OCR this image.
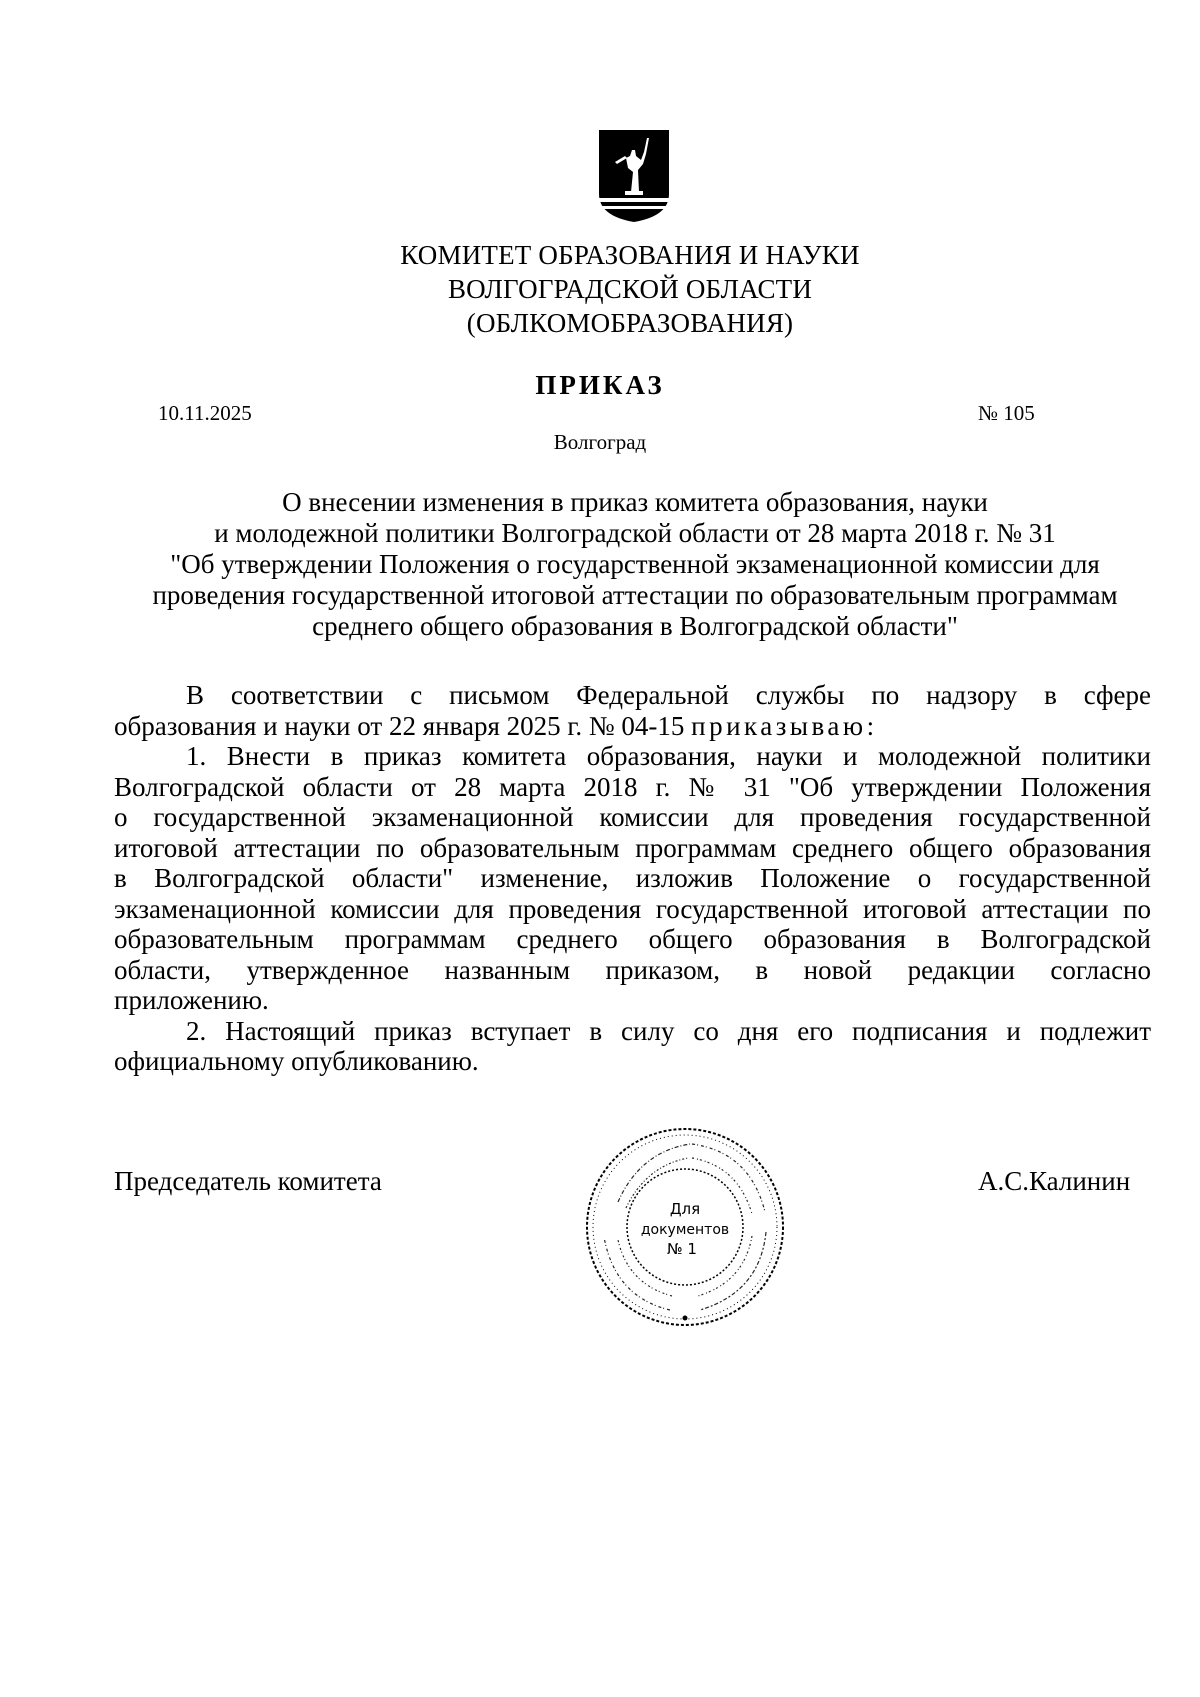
КОМИТЕТ ОБРАЗОВАНИЯ И НАУКИ
ВОЛГОГРАДСКОЙ ОБЛАСТИ
(ОБЛКОМОБРАЗОВАНИЯ)
ПРИКАЗ
10.11.2025	№ 105
Волгоград
О внесении изменения в приказ комитета образования, науки
и молодежной политики Волгоградской области от 28 марта 2018 г. № 31
"Об утверждении Положения о государственной экзаменационной комиссии для
проведения государственной итоговой аттестации по образовательным программам
среднего общего образования в Волгоградской области"
В соответствии с письмом Федеральной службы по надзору в сфере
образования и науки от 22 января 2025 г. № 04-15 приказываю:
1. Внести в приказ комитета образования, науки и молодежной политики
Волгоградской области от 28 марта 2018 г. № 31 "Об утверждении Положения
о государственной экзаменационной комиссии для проведения государственной
итоговой аттестации по образовательным программам среднего общего образования
в Волгоградской области" изменение, изложив Положение о государственной
экзаменационной комиссии для проведения государственной итоговой аттестации по
образовательным программам среднего общего образования в Волгоградской
области, утвержденное названным приказом, в новой редакции согласно
приложению.
2. Настоящий приказ вступает в силу со дня его подписания и подлежит
официальному опубликованию.
Председатель комитета	А.С.Калинин
Для
документов
№ 1
